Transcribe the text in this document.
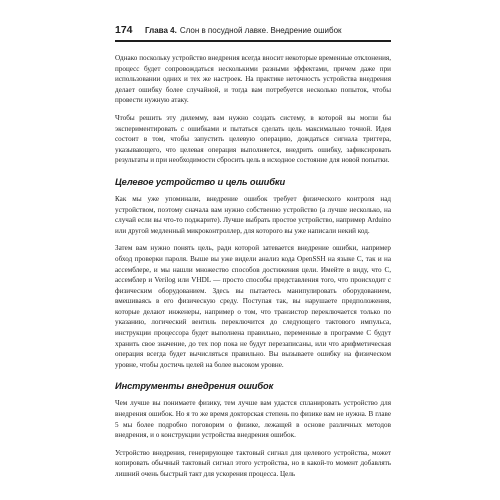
174	Глава 4. Слон в посудной лавке. Внедрение ошибок

Однако поскольку устройство внедрения всегда вносит некоторые временные отклонения, процесс будет сопровождаться несколькими разными эффектами, причем даже при использовании одних и тех же настроек. На практике неточность устройства внедрения делает ошибку более случайной, и тогда вам потребуется несколько попыток, чтобы провести нужную атаку.

Чтобы решить эту дилемму, вам нужно создать систему, в которой вы могли бы экспериментировать с ошибками и пытаться сделать цель максимально точной. Идея состоит в том, чтобы запустить целевую операцию, дождаться сигнала триггера, указывающего, что целевая операция выполняется, внедрить ошибку, зафиксировать результаты и при необходимости сбросить цель в исходное состояние для новой попытки.

Целевое устройство и цель ошибки

Как мы уже упоминали, внедрение ошибок требует физического контроля над устройством, поэтому сначала вам нужно собственно устройство (а лучше несколько, на случай если вы что-то поджарите). Лучше выбрать простое устройство, например Arduino или другой медленный микроконтроллер, для которого вы уже написали некий код.

Затем вам нужно понять цель, ради которой затевается внедрение ошибки, например обход проверки пароля. Выше вы уже видели анализ кода OpenSSH на языке C, так и на ассемблере, и мы нашли множество способов достижения цели. Имейте в виду, что C, ассемблер и Verilog или VHDL — просто способы представления того, что происходит с физическим оборудованием. Здесь вы пытаетесь манипулировать оборудованием, вмешиваясь в его физическую среду. Поступая так, вы нарушаете предположения, которые делают инженеры, например о том, что транзистор переключается только по указанию, логический вентиль переключится до следующего тактового импульса, инструкции процессора будет выполнена правильно, переменные в программе C будут хранить свое значение, до тех пор пока не будут перезаписаны, или что арифметическая операция всегда будет вычисляться правильно. Вы вызываете ошибку на физическом уровне, чтобы достичь целей на более высоком уровне.

Инструменты внедрения ошибок

Чем лучше вы понимаете физику, тем лучше вам удастся спланировать устройство для внедрения ошибок. Но я то же время докторская степень по физике вам не нужна. В главе 5 мы более подробно поговорим о физике, лежащей в основе различных методов внедрения, и о конструкции устройства внедрения ошибок.

Устройство внедрения, генерирующее тактовый сигнал для целевого устройства, может копировать обычный тактовый сигнал этого устройства, но в какой-то момент добавлять лишний очень быстрый такт для ускорения процесса. Цель
